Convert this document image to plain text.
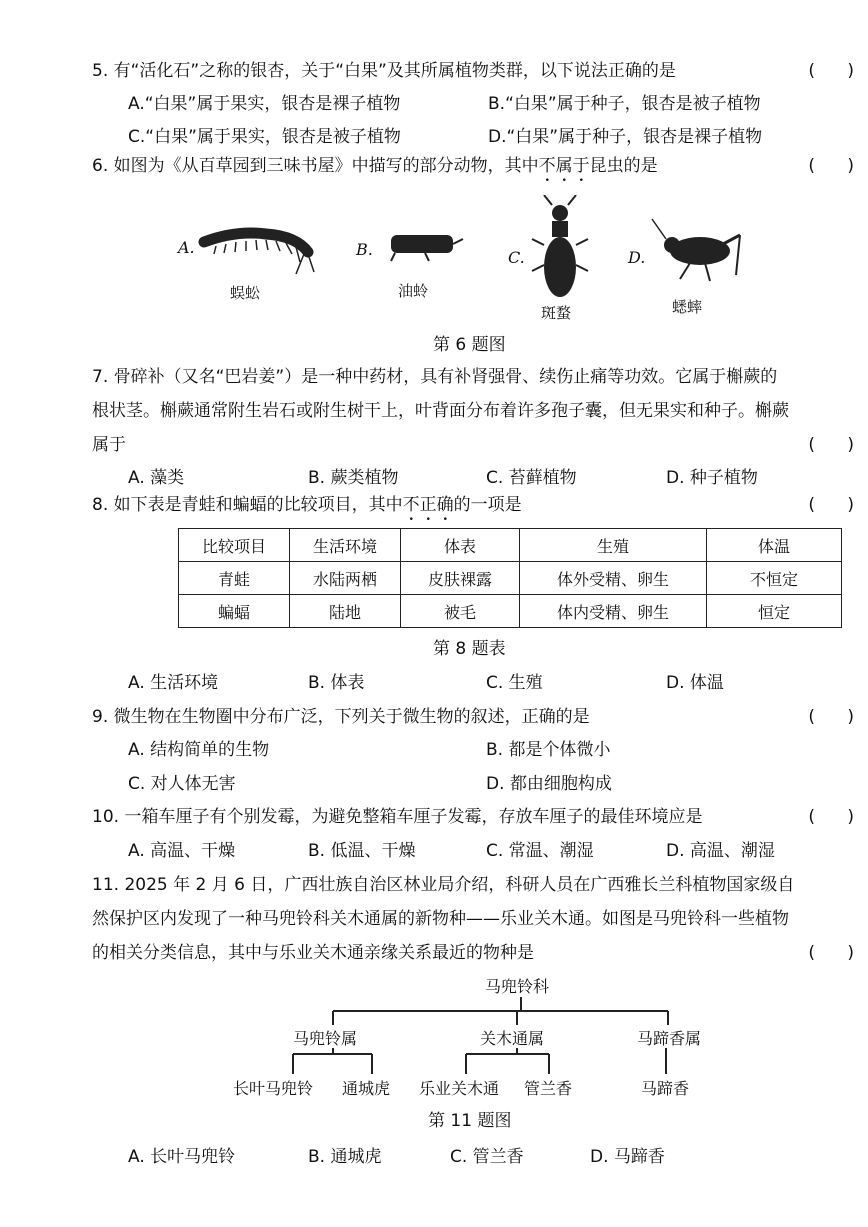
5. 有“活化石”之称的银杏，关于“白果”及其所属植物类群，以下说法正确的是	(      )
A.“白果”属于果实，银杏是裸子植物	B.“白果”属于种子，银杏是被子植物
C.“白果”属于果实，银杏是被子植物	D.“白果”属于种子，银杏是裸子植物
6. 如图为《从百草园到三味书屋》中描写的部分动物，其中不属于昆虫的是	(      )
A.
蜈蚣
B.
油蛉
C.
斑蝥
D.
蟋蟀
第 6 题图
7. 骨碎补（又名“巴岩姜”）是一种中药材，具有补肾强骨、续伤止痛等功效。它属于槲蕨的
根状茎。槲蕨通常附生岩石或附生树干上，叶背面分布着许多孢子囊，但无果实和种子。槲蕨
属于	(      )
A. 藻类	B. 蕨类植物	C. 苔藓植物	D. 种子植物
8. 如下表是青蛙和蝙蝠的比较项目，其中不正确的一项是	(      )
比较项目	生活环境	体表	生殖	体温
青蛙	水陆两栖	皮肤裸露	体外受精、卵生	不恒定
蝙蝠	陆地	被毛	体内受精、卵生	恒定
第 8 题表
A. 生活环境	B. 体表	C. 生殖	D. 体温
9. 微生物在生物圈中分布广泛，下列关于微生物的叙述，正确的是	(      )
A. 结构简单的生物	B. 都是个体微小
C. 对人体无害	D. 都由细胞构成
10. 一箱车厘子有个别发霉，为避免整箱车厘子发霉，存放车厘子的最佳环境应是	(      )
A. 高温、干燥	B. 低温、干燥	C. 常温、潮湿	D. 高温、潮湿
11. 2025 年 2 月 6 日，广西壮族自治区林业局介绍，科研人员在广西雅长兰科植物国家级自
然保护区内发现了一种马兜铃科关木通属的新物种——乐业关木通。如图是马兜铃科一些植物
的相关分类信息，其中与乐业关木通亲缘关系最近的物种是	(      )
马兜铃科
马兜铃属	关木通属	马蹄香属
长叶马兜铃 通城虎 乐业关木通 管兰香	马蹄香
第 11 题图
A. 长叶马兜铃	B. 通城虎	C. 管兰香	D. 马蹄香
